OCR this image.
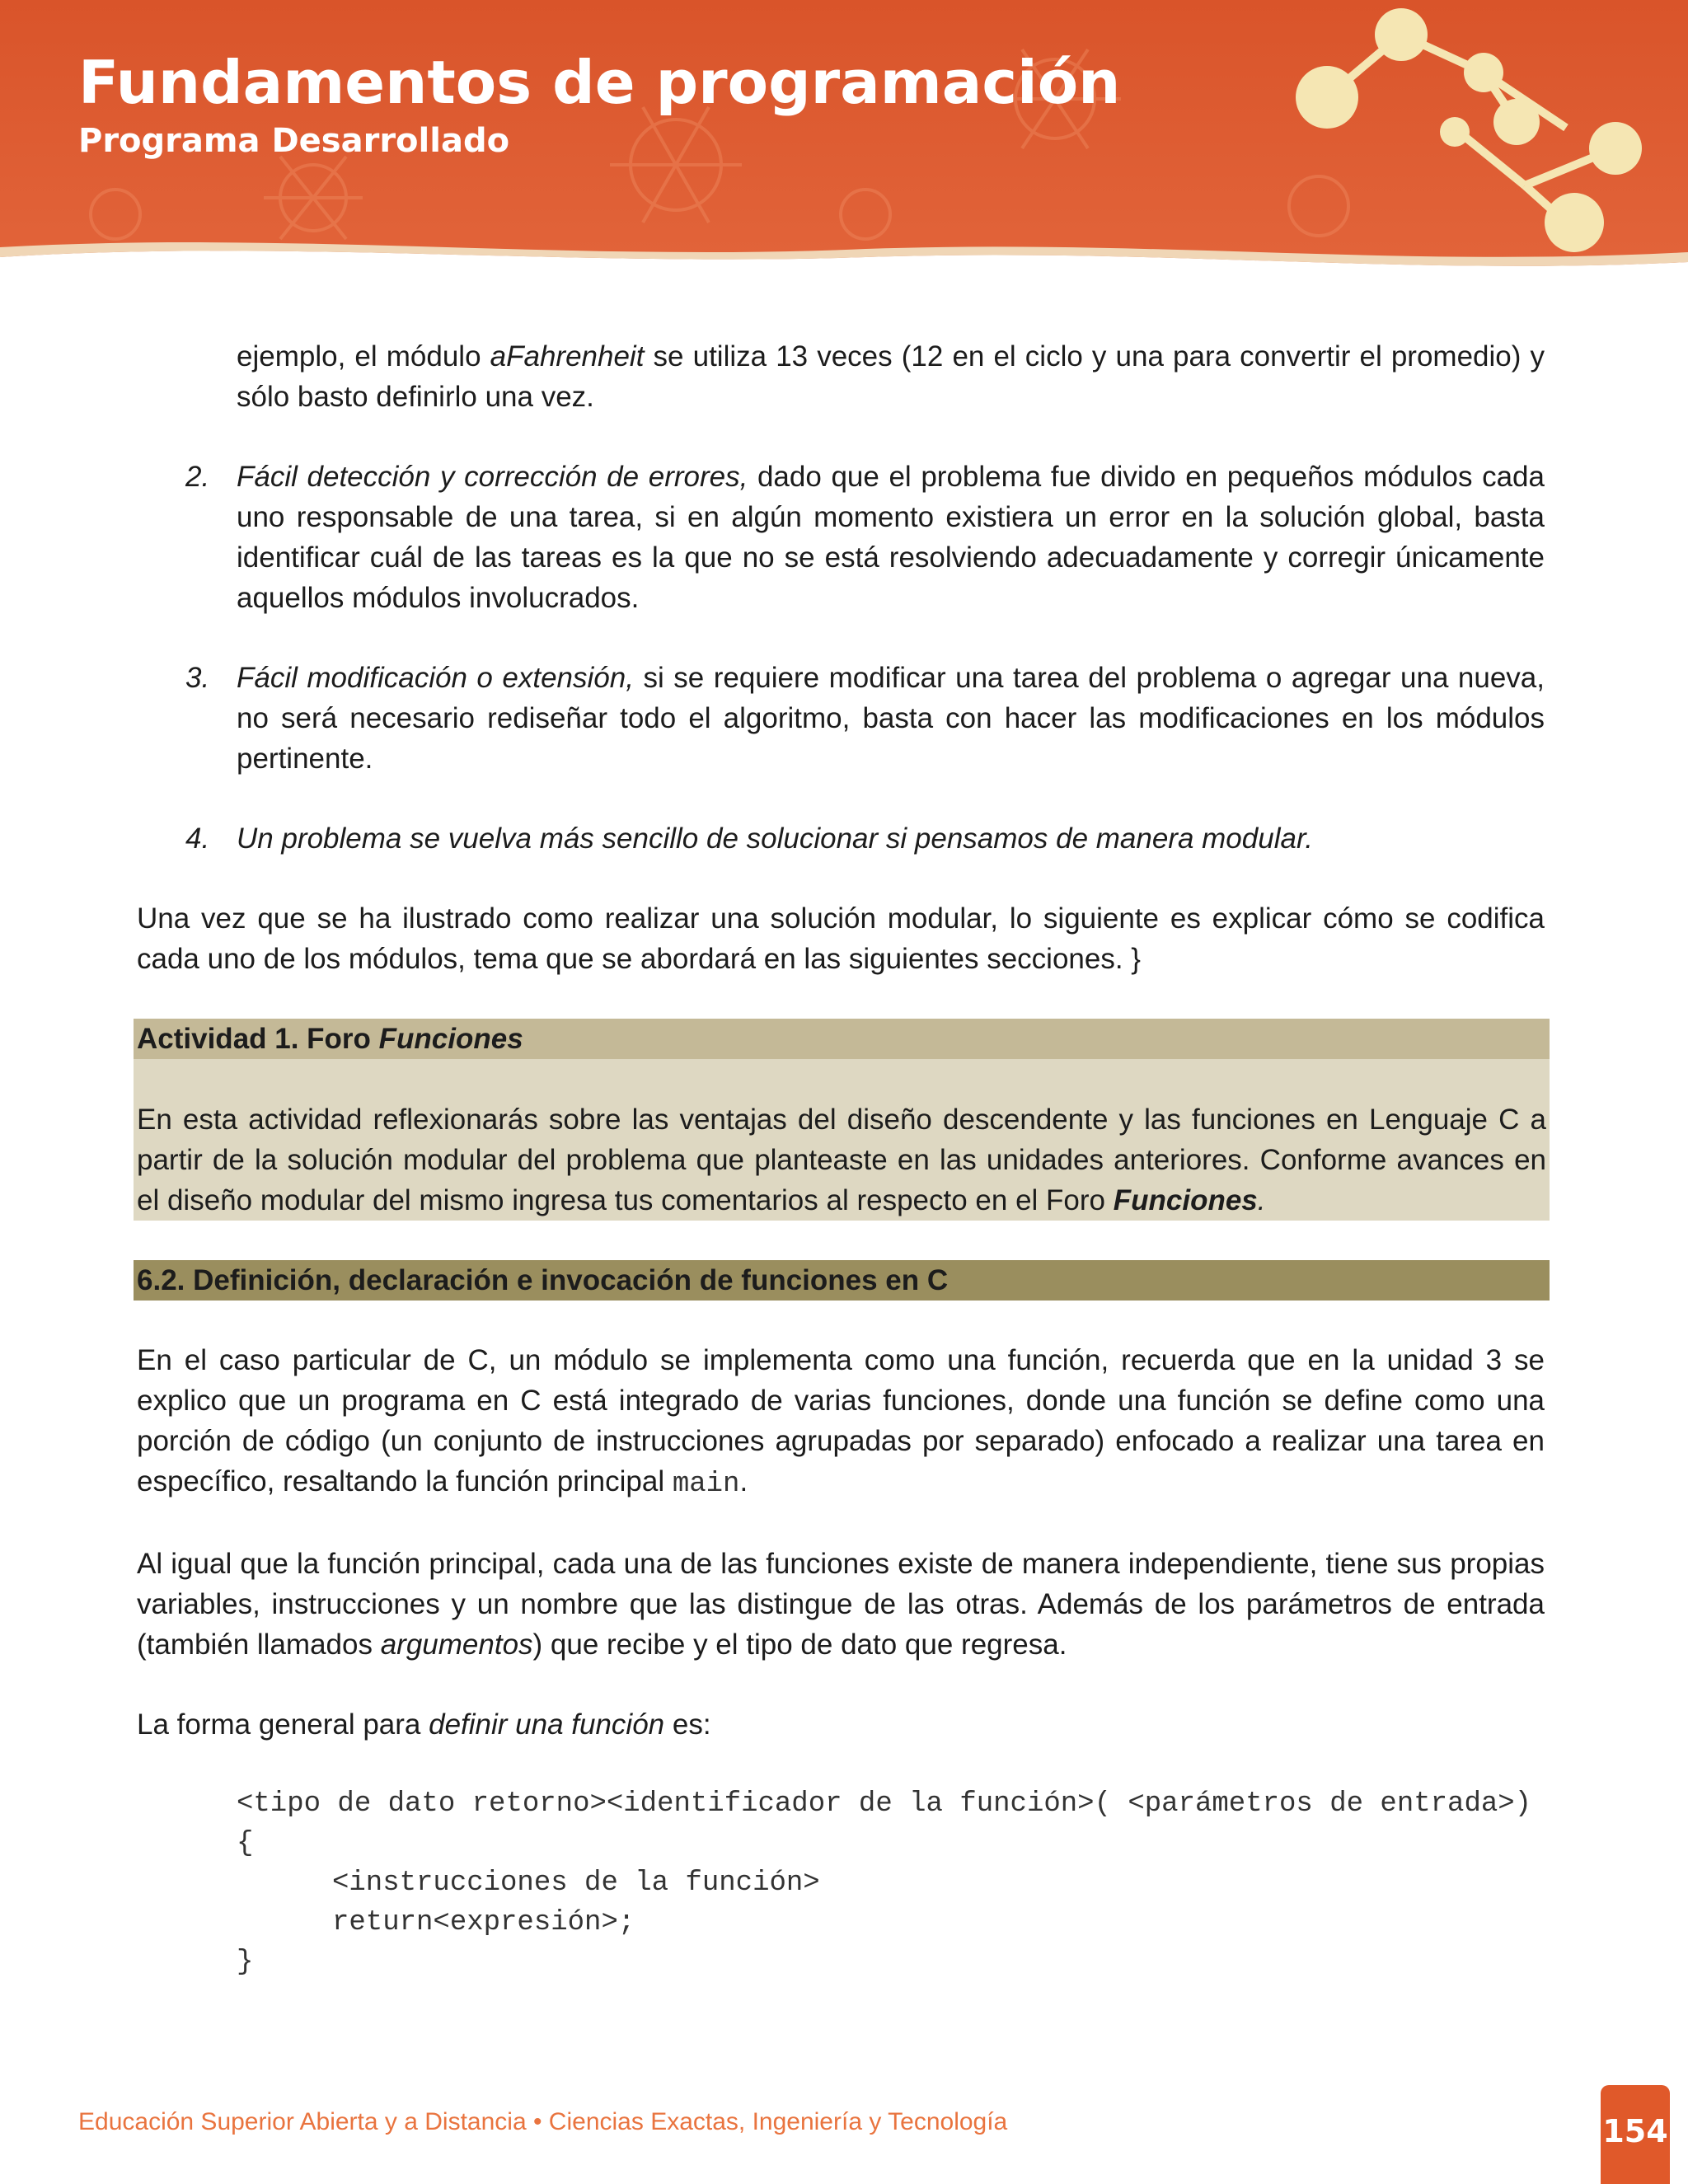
Fundamentos de programación
Programa Desarrollado

ejemplo, el módulo aFahrenheit se utiliza 13 veces (12 en el ciclo y una para convertir el promedio) y sólo basto definirlo una vez.

2. Fácil detección y corrección de errores, dado que el problema fue divido en pequeños módulos cada uno responsable de una tarea, si en algún momento existiera un error en la solución global, basta identificar cuál de las tareas es la que no se está resolviendo adecuadamente y corregir únicamente aquellos módulos involucrados.
3. Fácil modificación o extensión, si se requiere modificar una tarea del problema o agregar una nueva, no será necesario rediseñar todo el algoritmo, basta con hacer las modificaciones en los módulos pertinente.
4. Un problema se vuelva más sencillo de solucionar si pensamos de manera modular.

Una vez que se ha ilustrado como realizar una solución modular, lo siguiente es explicar cómo se codifica cada uno de los módulos, tema que se abordará en las siguientes secciones. }

Actividad 1. Foro Funciones

En esta actividad reflexionarás sobre las ventajas del diseño descendente y las funciones en Lenguaje C a partir de la solución modular del problema que planteaste en las unidades anteriores. Conforme avances en el diseño modular del mismo ingresa tus comentarios al respecto en el Foro Funciones.

6.2. Definición, declaración e invocación de funciones en C

En el caso particular de C, un módulo se implementa como una función, recuerda que en la unidad 3 se explico que un programa en C está integrado de varias funciones, donde una función se define como una porción de código (un conjunto de instrucciones agrupadas por separado) enfocado a realizar una tarea en específico, resaltando la función principal main.

Al igual que la función principal, cada una de las funciones existe de manera independiente, tiene sus propias variables, instrucciones y un nombre que las distingue de las otras. Además de los parámetros de entrada (también llamados argumentos) que recibe y el tipo de dato que regresa.

La forma general para definir una función es:

<tipo de dato retorno><identificador de la función>( <parámetros de entrada>)
{
<instrucciones de la función>
return<expresión>;
}
Educación Superior Abierta y a Distancia • Ciencias Exactas, Ingeniería y Tecnología	154
